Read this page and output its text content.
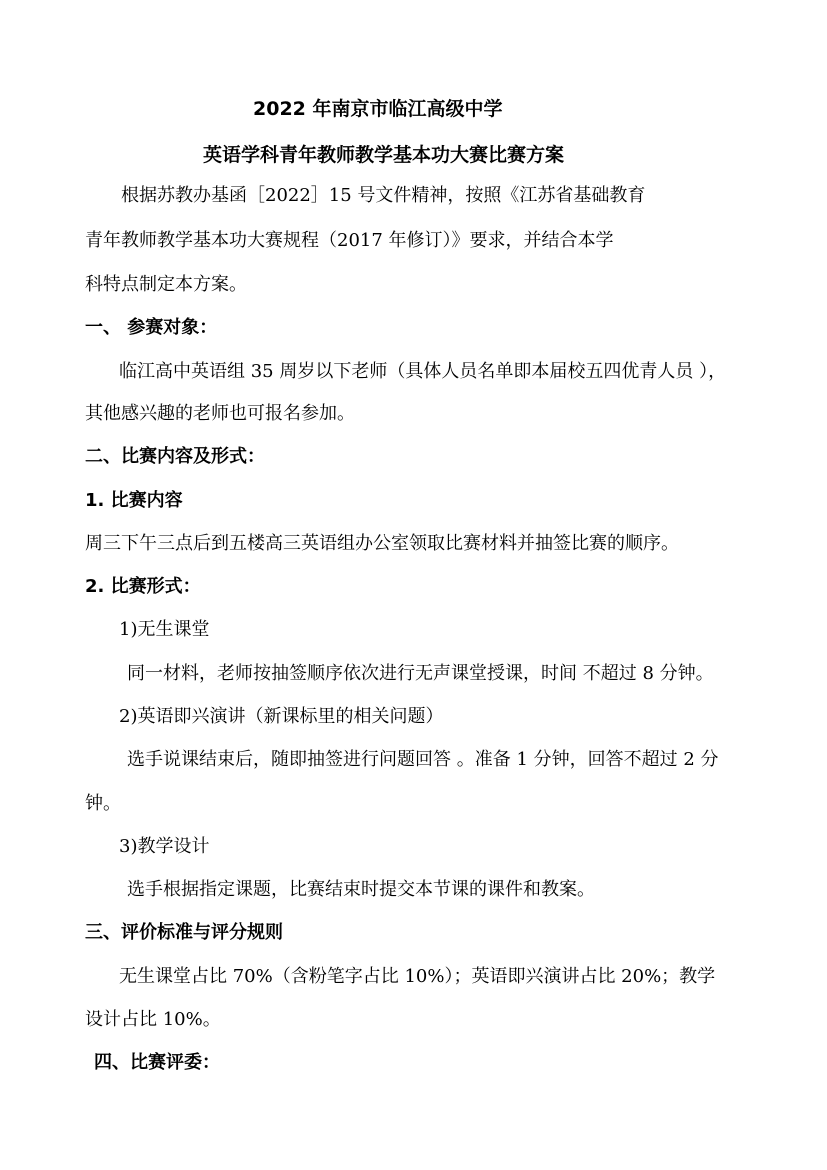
2022 年南京市临江高级中学
英语学科青年教师教学基本功大赛比赛方案
根据苏教办基函［2022］15 号文件精神，按照《江苏省基础教育
青年教师教学基本功大赛规程（2017 年修订）》要求，并结合本学
科特点制定本方案。
一、 参赛对象：
临江高中英语组 35 周岁以下老师（具体人员名单即本届校五四优青人员 ），
其他感兴趣的老师也可报名参加。
二、比赛内容及形式：
1. 比赛内容
周三下午三点后到五楼高三英语组办公室领取比赛材料并抽签比赛的顺序。
2. 比赛形式：
1)无生课堂
同一材料，老师按抽签顺序依次进行无声课堂授课，时间 不超过 8 分钟。
2)英语即兴演讲（新课标里的相关问题）
选手说课结束后，随即抽签进行问题回答 。准备 1 分钟，回答不超过 2 分
钟。
3)教学设计
选手根据指定课题，比赛结束时提交本节课的课件和教案。
三、评价标准与评分规则
无生课堂占比 70%（含粉笔字占比 10%）；英语即兴演讲占比 20%；教学
设计占比 10%。
四、比赛评委：
